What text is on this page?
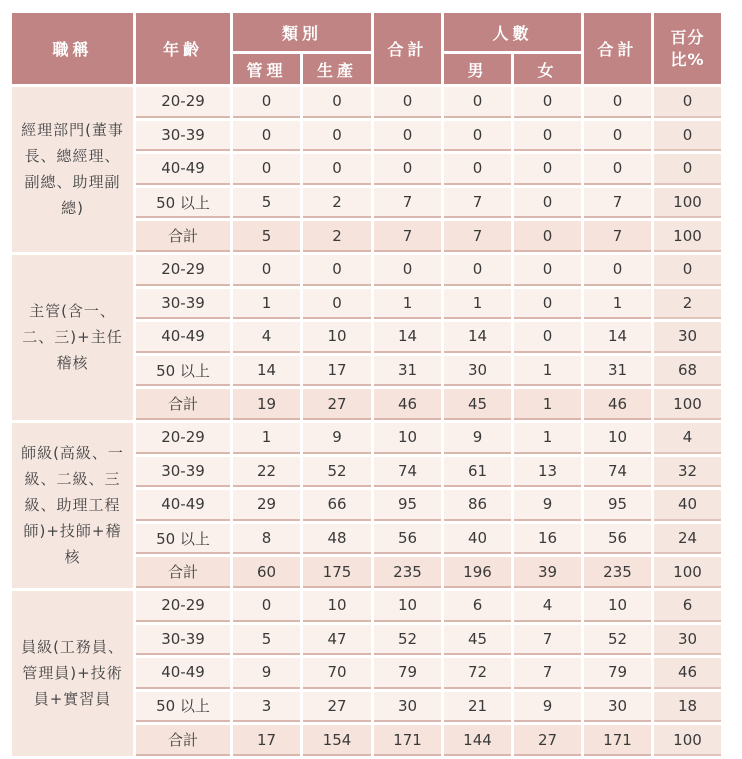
職稱	年齡	類別		合計	人數		合計	百分比%
		管理	生產		男	女		
經理部門(董事長、總經理、副總、助理副總)	20-29	0	0	0	0	0	0	0
	30-39	0	0	0	0	0	0	0
	40-49	0	0	0	0	0	0	0
	50 以上	5	2	7	7	0	7	100
	合計	5	2	7	7	0	7	100
主管(含一、二、三)+主任稽核	20-29	0	0	0	0	0	0	0
	30-39	1	0	1	1	0	1	2
	40-49	4	10	14	14	0	14	30
	50 以上	14	17	31	30	1	31	68
	合計	19	27	46	45	1	46	100
師級(高級、一級、二級、三級、助理工程師)+技師+稽核	20-29	1	9	10	9	1	10	4
	30-39	22	52	74	61	13	74	32
	40-49	29	66	95	86	9	95	40
	50 以上	8	48	56	40	16	56	24
	合計	60	175	235	196	39	235	100
員級(工務員、管理員)+技術員+實習員	20-29	0	10	10	6	4	10	6
	30-39	5	47	52	45	7	52	30
	40-49	9	70	79	72	7	79	46
	50 以上	3	27	30	21	9	30	18
	合計	17	154	171	144	27	171	100
